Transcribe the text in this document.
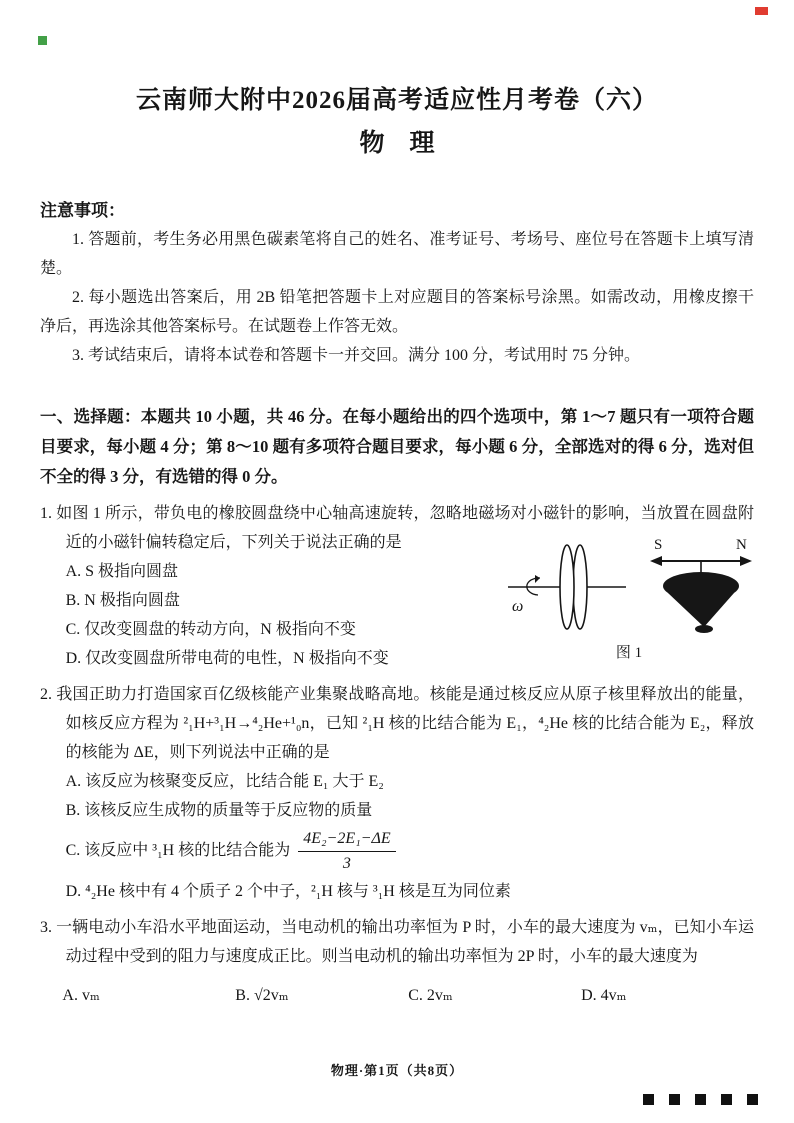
云南师大附中2026届高考适应性月考卷（六）
物　理
注意事项：

1. 答题前，考生务必用黑色碳素笔将自己的姓名、准考证号、考场号、座位号在答题卡上填写清楚。

2. 每小题选出答案后，用 2B 铅笔把答题卡上对应题目的答案标号涂黑。如需改动，用橡皮擦干净后，再选涂其他答案标号。在试题卷上作答无效。

3. 考试结束后，请将本试卷和答题卡一并交回。满分 100 分，考试用时 75 分钟。

一、选择题：本题共 10 小题，共 46 分。在每小题给出的四个选项中，第 1～7 题只有一项符合题目要求，每小题 4 分；第 8～10 题有多项符合题目要求，每小题 6 分，全部选对的得 6 分，选对但不全的得 3 分，有选错的得 0 分。

1. 如图 1 所示，带负电的橡胶圆盘绕中心轴高速旋转，忽略地磁场对小磁针的影响，当放置在圆盘附近的小磁针偏转稳定后，下列关于说法正确的是

A. S 极指向圆盘

B. N 极指向圆盘

C. 仅改变圆盘的转动方向，N 极指向不变

D. 仅改变圆盘所带电荷的电性，N 极指向不变

ω
S	N
图 1

2. 我国正助力打造国家百亿级核能产业集聚战略高地。核能是通过核反应从原子核里释放出的能量，如核反应方程为 ²₁H+³₁H→⁴₂He+¹₀n，已知 ²₁H 核的比结合能为 E₁，⁴₂He 核的比结合能为 E₂，释放的核能为 ΔE，则下列说法中正确的是

A. 该反应为核聚变反应，比结合能 E₁ 大于 E₂

B. 该核反应生成物的质量等于反应物的质量

C. 该反应中 ³₁H 核的比结合能为 $\frac{\text{4E₂−2E₁−ΔE}}{3}$

D. ⁴₂He 核中有 4 个质子 2 个中子，²₁H 核与 ³₁H 核是互为同位素

3. 一辆电动小车沿水平地面运动，当电动机的输出功率恒为 P 时，小车的最大速度为 vₘ，已知小车运动过程中受到的阻力与速度成正比。则当电动机的输出功率恒为 2P 时，小车的最大速度为

A. vₘ	B. √2vₘ	C. 2vₘ	D. 4vₘ
物理·第1页（共8页）
